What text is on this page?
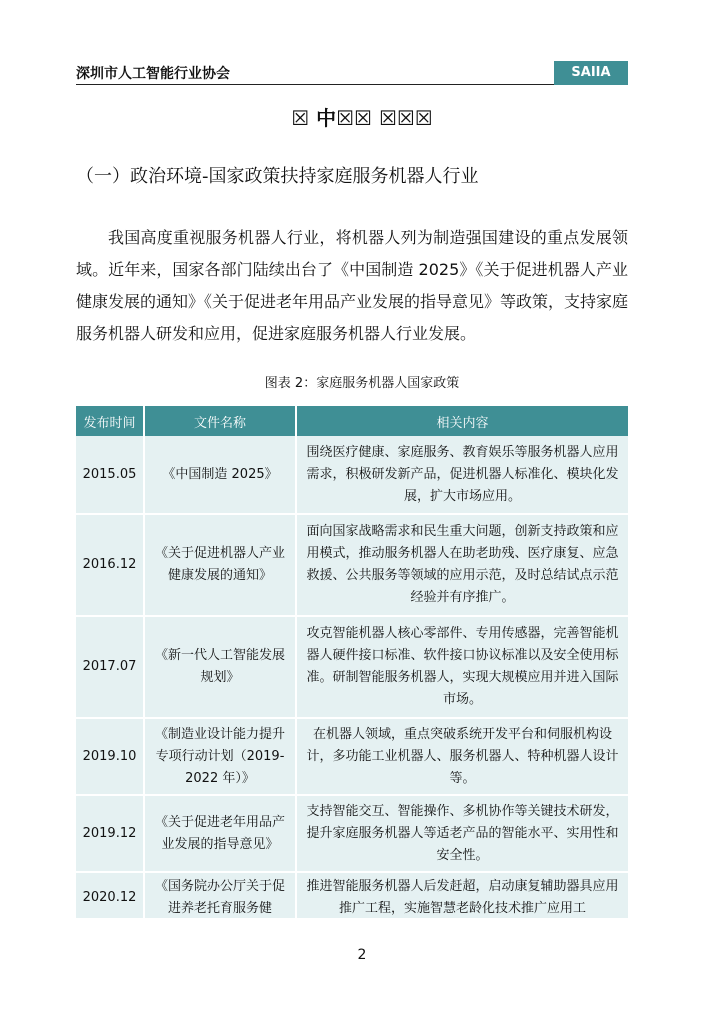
深圳市人工智能行业协会	SAIIA
☒ 中☒☒ ☒☒☒
（一）政治环境-国家政策扶持家庭服务机器人行业
我国高度重视服务机器人行业，将机器人列为制造强国建设的重点发展领域。近年来，国家各部门陆续出台了《中国制造 2025》《关于促进机器人产业健康发展的通知》《关于促进老年用品产业发展的指导意见》等政策，支持家庭服务机器人研发和应用，促进家庭服务机器人行业发展。
图表 2：家庭服务机器人国家政策
发布时间	文件名称	相关内容
2015.05	《中国制造 2025》	围绕医疗健康、家庭服务、教育娱乐等服务机器人应用需求，积极研发新产品，促进机器人标准化、模块化发展，扩大市场应用。
2016.12	《关于促进机器人产业健康发展的通知》	面向国家战略需求和民生重大问题，创新支持政策和应用模式，推动服务机器人在助老助残、医疗康复、应急救援、公共服务等领域的应用示范，及时总结试点示范经验并有序推广。
2017.07	《新一代人工智能发展规划》	攻克智能机器人核心零部件、专用传感器，完善智能机器人硬件接口标准、软件接口协议标准以及安全使用标准。研制智能服务机器人，实现大规模应用并进入国际市场。
2019.10	《制造业设计能力提升专项行动计划（2019-2022 年）》	在机器人领域，重点突破系统开发平台和伺服机构设计，多功能工业机器人、服务机器人、特种机器人设计等。
2019.12	《关于促进老年用品产业发展的指导意见》	支持智能交互、智能操作、多机协作等关键技术研发，提升家庭服务机器人等适老产品的智能水平、实用性和安全性。
2020.12	《国务院办公厅关于促进养老托育服务健	推进智能服务机器人后发赶超，启动康复辅助器具应用推广工程，实施智慧老龄化技术推广应用工
2
